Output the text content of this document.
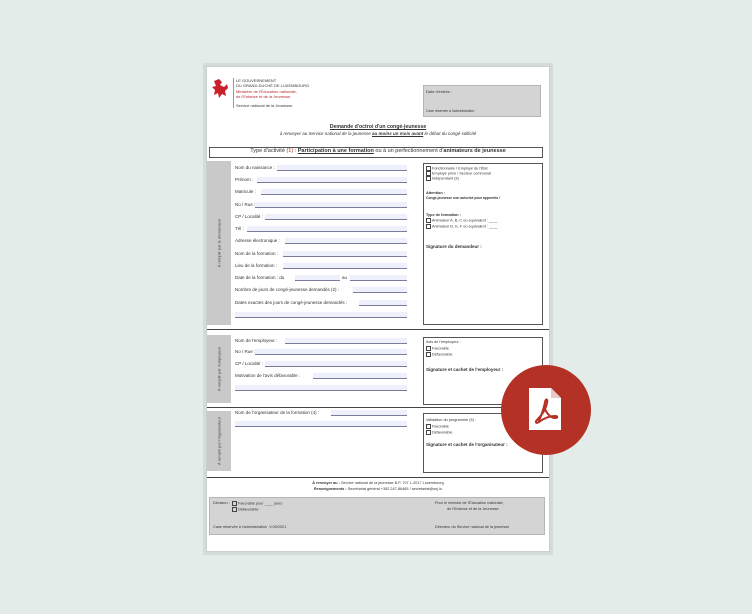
LE GOUVERNEMENT
DU GRAND-DUCHÉ DE LUXEMBOURG
Ministère de l'Éducation nationale,
de l'Enfance et de la Jeunesse
Service national de la Jeunesse
Date d'entrée :
Case réservée à l'administration
Demande d'octroi d'un congé-jeunesse
à renvoyer au Service national de la jeunesse au moins un mois avant le début du congé sollicité
Type d'activité (1) : Participation à une formation ou à un perfectionnement d'animateurs de jeunesse
À remplir par le demandeur
Nom du naissance :
Prénom :
Matricule :
No / Rue :
CP / Localité :
Tél :
Adresse électronique :
Nom de la formation :
Lieu de la formation :
Date de la formation : du	au
Nombre de jours de congé-jeunesse demandés (2) :
Dates exactes des jours de congé-jeunesse demandés :
Fonctionnaire / Employé de l'État
Employé privé / Secteur communal
Indépendant (3)
Attention :
Congé-jeunesse non autorisé pour apprentis !
Type de formation :
Animateur A, B, C ou équivalent : ____
Animateur D, E, F ou équivalent : ____
Signature du demandeur :
À remplir par l'employeur
Nom de l'employeur :
No / Rue :
CP / Localité :
Motivation de l'avis défavorable :
Avis de l'employeur :
Favorable
Défavorable
Signature et cachet de l'employeur :
À remplir par l'organisateur
Nom de l'organisateur de la formation (4) :
Validation du programme (5) :
Favorable
Défavorable
Signature et cachet de l'organisateur :
À renvoyer au : Service national de la jeunesse B.P. 707 L-2017 Luxembourg
Renseignements : Secrétariat général +352 247-86465 / secretariat@snj.lu
Décision :	Favorable pour ____ jours
Défavorable
Pour le ministre de l'Éducation nationale,
de l'Enfance et de la Jeunesse
Case réservée à l'administration V.05/2021	Directeur du Service national de la jeunesse
